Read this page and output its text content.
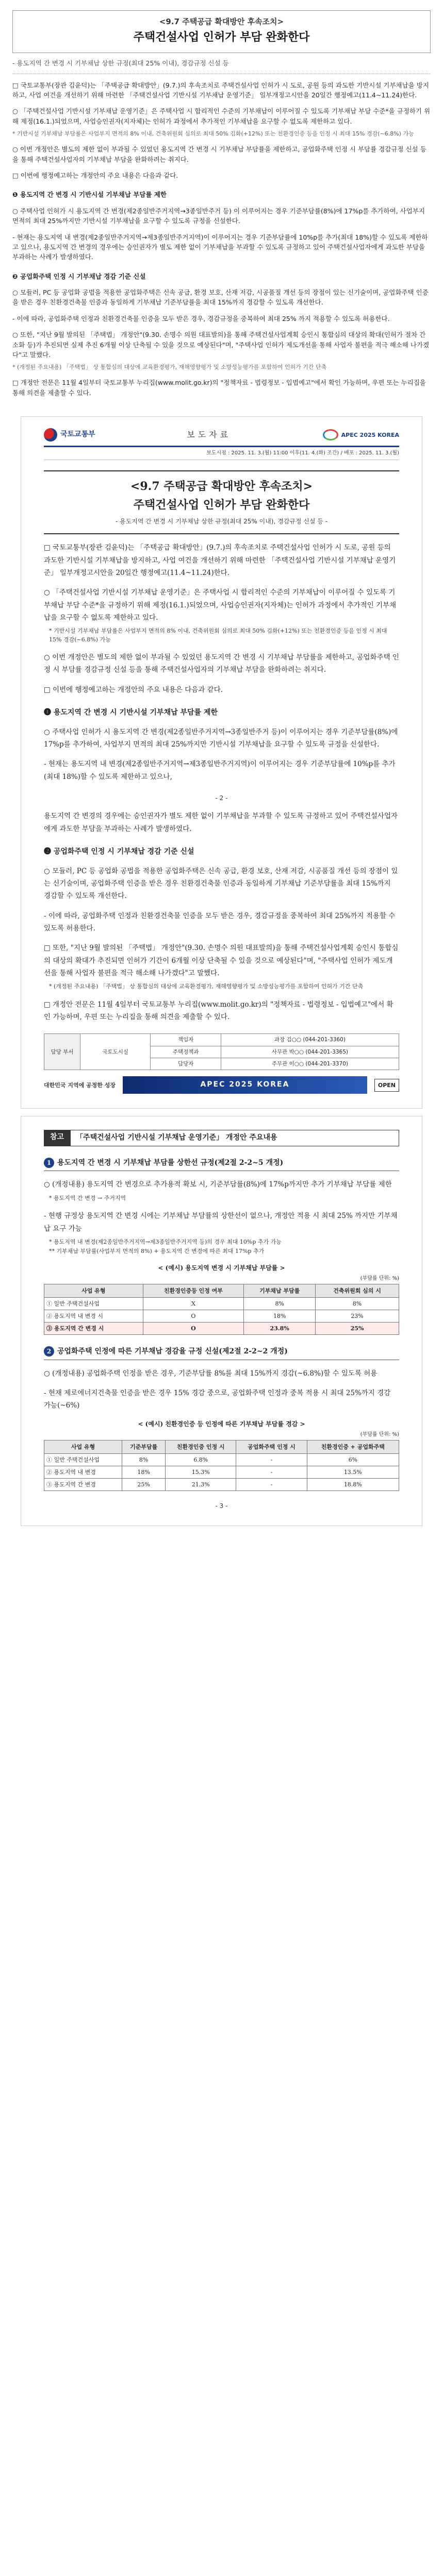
<9.7 주택공급 확대방안 후속조치>
주택건설사업 인허가 부담 완화한다
- 용도지역 간 변경 시 기부채납 상한 규정(최대 25% 이내), 경감규정 신설 등

□ 국토교통부(장관 김윤덕)는 「주택공급 확대방안」(9.7.)의 후속조치로 주택건설사업 인허가 시 도로, 공원 등의 과도한 기반시설 기부채납을 방지하고, 사업 여건을 개선하기 위해 마련한 「주택건설사업 기반시설 기부채납 운영기준」 일부개정고시안을 20일간 행정예고(11.4~11.24)한다.

○ 「주택건설사업 기반시설 기부채납 운영기준」은 주택사업 시 합리적인 수준의 기부채납이 이루어질 수 있도록 기부채납 부담 수준*을 규정하기 위해 제정(16.1.)되었으며, 사업승인권자(지자체)는 인허가 과정에서 추가적인 기부채납을 요구할 수 없도록 제한하고 있다.

* 기반시설 기부채납 부담률은 사업부지 면적의 8% 이내, 건축위원회 심의로 최대 50% 김화(+12%) 또는 친환경인증 등을 인정 시 최대 15% 경감(~6.8%) 가능

○ 이번 개정안은 별도의 제한 없이 부과될 수 있었던 용도지역 간 변경 시 기부채납 부담률을 제한하고, 공업화주택 인정 시 부담률 경감규정 신설 등을 통해 주택건설사업자의 기부채납 부담을 완화하려는 취지다.

□ 이번에 행정예고하는 개정안의 주요 내용은 다음과 같다.

❶ 용도지역 간 변경 시 기반시설 기부채납 부담률 제한

○ 주택사업 인허가 시 용도지역 간 변경(제2종일반주거지역→3종일반주거 등) 이 이루어지는 경우 기준부담률(8%)에 17%p를 추가하여, 사업부지 면적의 최대 25%까지만 기반시설 기부채납을 요구할 수 있도록 규정을 신설한다.

- 현재는 용도지역 내 변경(제2종일반주거지역→제3종일반주거지역)이 이루어지는 경우 기준부담률에 10%p를 추가(최대 18%)할 수 있도록 제한하고 있으나, 용도지역 간 변경의 경우에는 승인권자가 별도 제한 없이 기부채납을 부과할 수 있도록 규정하고 있어 주택건설사업자에게 과도한 부담을 부과하는 사례가 발생하였다.

❷ 공업화주택 인정 시 기부채납 경감 기준 신설

○ 모듈러, PC 등 공업화 공법을 적용한 공업화주택은 신속 공급, 환경 보호, 산재 저감, 시공품질 개선 등의 장점이 있는 신기술이며, 공업화주택 인증을 받은 경우 친환경건축물 인증과 동일하게 기부채납 기준부담률을 최대 15%까지 경감할 수 있도록 개선한다.

- 이에 따라, 공업화주택 인정과 친환경건축물 인증을 모두 받은 경우, 경감규정을 중복하여 최대 25% 까지 적용할 수 있도록 허용한다.

○ 또한, "지난 9월 발의된 「주택법」 개정안"(9.30. 손명수 의원 대표발의)을 통해 주택건설사업계획 승인시 통합심의 대상의 확대(인허가 절차 간소화 등)가 추진되면 실제 추진 6개월 이상 단축될 수 있을 것으로 예상된다"며, "주택사업 인허가 제도개선을 통해 사업자 불편을 적극 해소해 나가겠다"고 말했다.

* (개정된 주요내용) 「주택법」 상 통합심의 대상에 교육환경평가, 재해영향평가 및 소방성능평가를 포함하여 인허가 기간 단축

□ 개정안 전문은 11월 4일부터 국토교통부 누리집(www.molit.go.kr)의 "정책자료 - 법령정보 - 입법예고"에서 확인 가능하며, 우편 또는 누리집을 통해 의견을 제출할 수 있다.

국토교통부	보도자료	APEC 2025 KOREA
보도시점 : 2025. 11. 3.(월) 11:00 이후(11. 4.(화) 조간) / 배포 : 2025. 11. 3.(월)
<9.7 주택공급 확대방안 후속조치>
주택건설사업 인허가 부담 완화한다
- 용도지역 간 변경 시 기부채납 상한 규정(최대 25% 이내), 경감규정 신설 등 -

□ 국토교통부(장관 김윤덕)는 「주택공급 확대방안」(9.7.)의 후속조치로 주택건설사업 인허가 시 도로, 공원 등의 과도한 기반시설 기부채납을 방지하고, 사업 여건을 개선하기 위해 마련한 「주택건설사업 기반시설 기부채납 운영기준」 일부개정고시안을 20일간 행정예고(11.4~11.24)한다.

○ 「주택건설사업 기반시설 기부채납 운영기준」은 주택사업 시 합리적인 수준의 기부채납이 이루어질 수 있도록 기부채납 부담 수준*을 규정하기 위해 제정(16.1.)되었으며, 사업승인권자(지자체)는 인허가 과정에서 추가적인 기부채납을 요구할 수 없도록 제한하고 있다.

* 기반시설 기부채납 부담률은 사업부지 면적의 8% 이내, 건축위원회 심의로 최대 50% 김화(+12%) 또는 친환경인증 등을 인정 시 최대 15% 경감(~6.8%) 가능

○ 이번 개정안은 별도의 제한 없이 부과될 수 있었던 용도지역 간 변경 시 기부채납 부담률을 제한하고, 공업화주택 인정 시 부담률 경감규정 신설 등을 통해 주택건설사업자의 기부채납 부담을 완화하려는 취지다.

□ 이번에 행정예고하는 개정안의 주요 내용은 다음과 같다.

❶ 용도지역 간 변경 시 기반시설 기부채납 부담률 제한

○ 주택사업 인허가 시 용도지역 간 변경(제2종일반주거지역→3종일반주거 등)이 이루어지는 경우 기준부담률(8%)에 17%p를 추가하여, 사업부지 면적의 최대 25%까지만 기반시설 기부채납을 요구할 수 있도록 규정을 신설한다.

- 현재는 용도지역 내 변경(제2종일반주거지역→제3종일반주거지역)이 이루어지는 경우 기준부담률에 10%p를 추가(최대 18%)할 수 있도록 제한하고 있으나,

- 2 -

용도지역 간 변경의 경우에는 승인권자가 별도 제한 없이 기부채납을 부과할 수 있도록 규정하고 있어 주택건설사업자에게 과도한 부담을 부과하는 사례가 발생하였다.

❷ 공업화주택 인정 시 기부채납 경감 기준 신설

○ 모듈러, PC 등 공업화 공법을 적용한 공업화주택은 신속 공급, 환경 보호, 산재 저감, 시공품질 개선 등의 장점이 있는 신기술이며, 공업화주택 인증을 받은 경우 친환경건축물 인증과 동일하게 기부채납 기준부담률을 최대 15%까지 경감할 수 있도록 개선한다.

- 이에 따라, 공업화주택 인정과 친환경건축물 인증을 모두 받은 경우, 경감규정을 중복하여 최대 25%까지 적용할 수 있도록 허용한다.

□ 또한, "지난 9월 발의된 「주택법」 개정안"(9.30. 손명수 의원 대표발의)을 통해 주택건설사업계획 승인시 통합심의 대상의 확대가 추진되면 인허가 기간이 6개월 이상 단축될 수 있을 것으로 예상된다"며, "주택사업 인허가 제도개선을 통해 사업자 불편을 적극 해소해 나가겠다"고 말했다.

* (개정된 주요내용) 「주택법」 상 통합심의 대상에 교육환경평가, 재해영향평가 및 소방성능평가를 포함하여 인허가 기간 단축

□ 개정안 전문은 11월 4일부터 국토교통부 누리집(www.molit.go.kr)의 "정책자료 - 법령정보 - 입법예고"에서 확인 가능하며, 우편 또는 누리집을 통해 의견을 제출할 수 있다.

담당 부서	국토도시실	책임자	과장 김○○ (044-201-3360)
		주택정책과	사무관 박○○ (044-201-3365)
		담당자	주무관 이○○ (044-201-3370)
대한민국 지역에 공정한 성장	APEC 2025 KOREA	OPEN
참고	「주택건설사업 기반시설 기부채납 운영기준」 개정안 주요내용
1 용도지역 간 변경 시 기부채납 부담률 상한선 규정(제2절 2-2~5 개정)

○ (개정내용) 용도지역 간 변경으로 추가용적 확보 시, 기준부담률(8%)에 17%p까지만 추가 기부채납 부담률 제한

* 용도지역 간 변경 → 주거지역

- 현행 규정상 용도지역 간 변경 시에는 기부채납 부담률의 상한선이 없으나, 개정안 적용 시 최대 25% 까지만 기부채납 요구 가능

* 용도지역 내 변경(제2종일반주거지역→제3종일반주거지역 등)의 경우 최대 10%p 추가 가능

** 기부채납 부담률(사업부지 면적의 8%) + 용도지역 간 변경에 따른 최대 17%p 추가

< (예시) 용도지역 변경 시 기부채납 부담률 >
(부담률 단위: %)
사업 유형	친환경인증등 인정 여부	기부채납 부담률	건축위원회 심의 시
① 일반 주택건설사업	X	8%	8%
② 용도지역 내 변경 시	O	18%	23%
③ 용도지역 간 변경 시	O	23.8%	25%
2 공업화주택 인정에 따른 기부채납 경감율 규정 신설(제2절 2-2~2 개정)

○ (개정내용) 공업화주택 인정을 받은 경우, 기준부담률 8%를 최대 15%까지 경감(~6.8%)할 수 있도록 허용

- 현재 제로에너지건축물 인증을 받은 경우 15% 경감 중으로, 공업화주택 인정과 중복 적용 시 최대 25%까지 경감 가능(~6%)

< (예시) 친환경인증 등 인정에 따른 기부채납 부담률 경감 >
(부담률 단위: %)
사업 유형	기준부담률	친환경인증 인정 시	공업화주택 인정 시	친환경인증 + 공업화주택
① 일반 주택건설사업	8%	6.8%	-	6%
② 용도지역 내 변경	18%	15.3%	-	13.5%
③ 용도지역 간 변경	25%	21.3%	-	18.8%
- 3 -
